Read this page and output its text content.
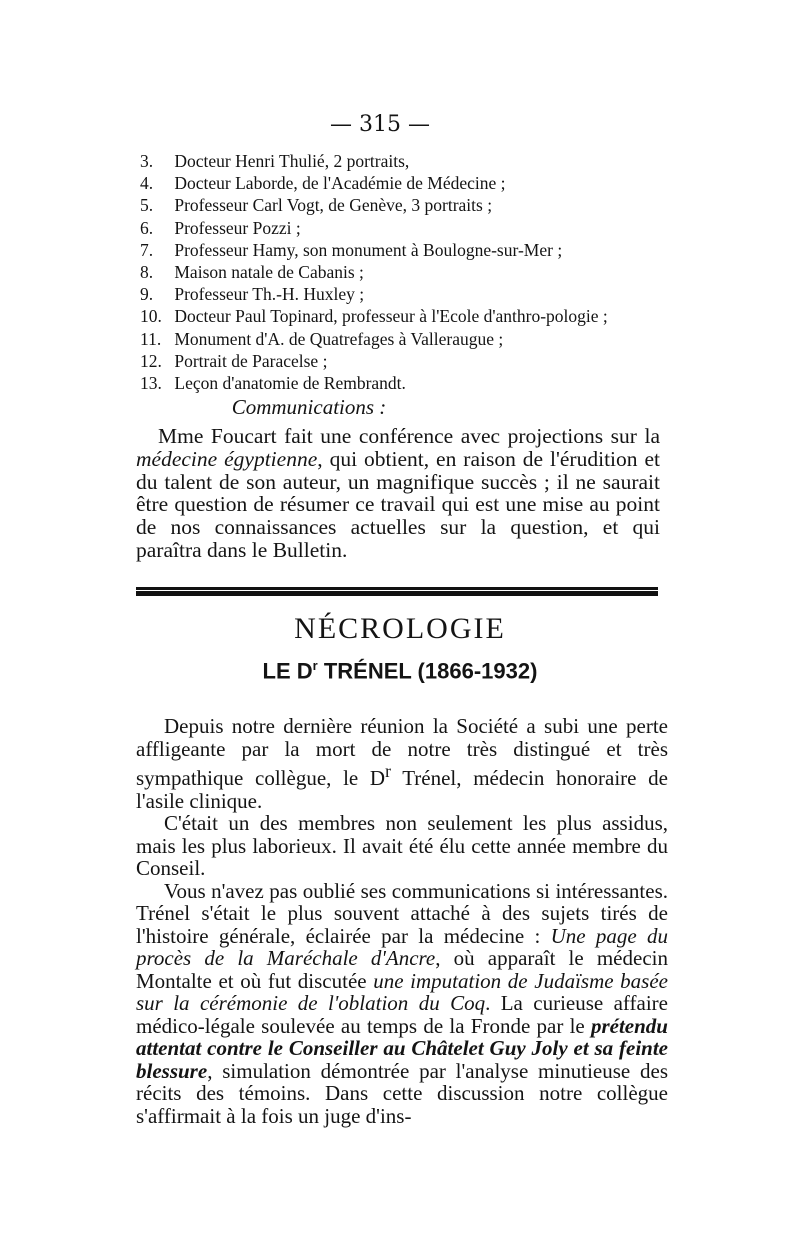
— 315 —
3. Docteur Henri Thulié, 2 portraits,
4. Docteur Laborde, de l'Académie de Médecine ;
5. Professeur Carl Vogt, de Genève, 3 portraits ;
6. Professeur Pozzi ;
7. Professeur Hamy, son monument à Boulogne-sur-Mer ;
8. Maison natale de Cabanis ;
9. Professeur Th.-H. Huxley ;
10. Docteur Paul Topinard, professeur à l'Ecole d'anthro-pologie ;
11. Monument d'A. de Quatrefages à Valleraugue ;
12. Portrait de Paracelse ;
13. Leçon d'anatomie de Rembrandt.
Communications :
Mme Foucart fait une conférence avec projections sur la médecine égyptienne, qui obtient, en raison de l'érudition et du talent de son auteur, un magnifique succès ; il ne saurait être question de résumer ce travail qui est une mise au point de nos connaissances actuelles sur la question, et qui paraîtra dans le Bulletin.
NÉCROLOGIE
LE $D^r$ TRÉNEL (1866-1932)

Depuis notre dernière réunion la Société a subi une perte affligeante par la mort de notre très distingué et très sympathique collègue, le $D^r$ Trénel, médecin honoraire de l'asile clinique.

C'était un des membres non seulement les plus assidus, mais les plus laborieux. Il avait été élu cette année membre du Conseil.

Vous n'avez pas oublié ses communications si intéressantes. Trénel s'était le plus souvent attaché à des sujets tirés de l'histoire générale, éclairée par la médecine : Une page du procès de la Maréchale d'Ancre, où apparaît le médecin Montalte et où fut discutée une imputation de Judaïsme basée sur la cérémonie de l'oblation du Coq. La curieuse affaire médico-légale soulevée au temps de la Fronde par le prétendu attentat contre le Conseiller au Châtelet Guy Joly et sa feinte blessure, simulation démontrée par l'analyse minutieuse des récits des témoins. Dans cette discussion notre collègue s'affirmait à la fois un juge d'ins-
